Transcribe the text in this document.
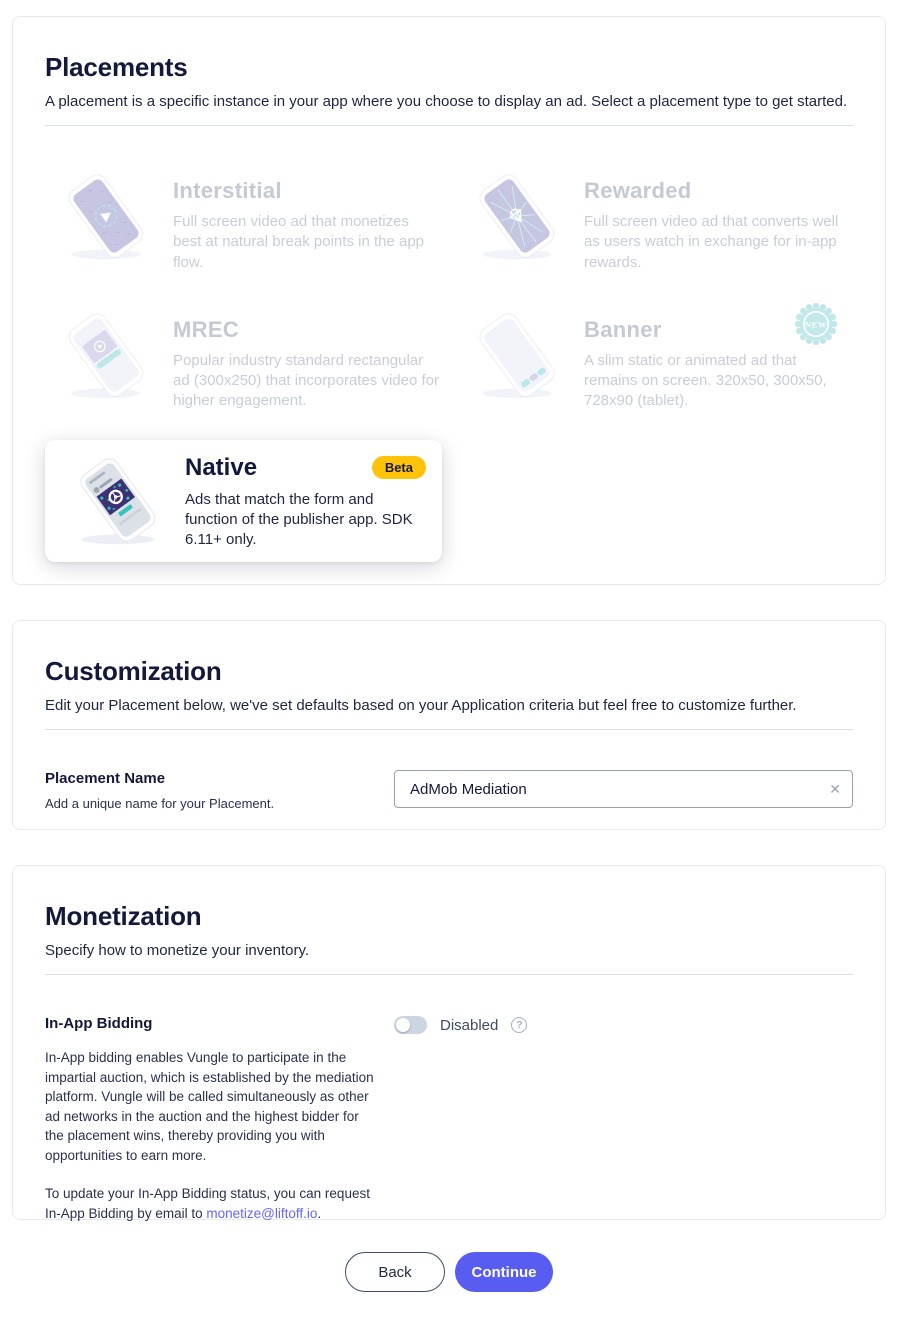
Placements

A placement is a specific instance in your app where you choose to display an ad. Select a placement type to get started.

Interstitial
Full screen video ad that monetizes best at natural break points in the app flow.
Rewarded
Full screen video ad that converts well as users watch in exchange for in-app rewards.
MREC
Popular industry standard rectangular ad (300x250) that incorporates video for higher engagement.
Banner
A slim static or animated ad that remains on screen. 320x50, 300x50, 728x90 (tablet).
NEW
Native	Beta
Ads that match the form and function of the publisher app. SDK 6.11+ only.
Customization

Edit your Placement below, we've set defaults based on your Application criteria but feel free to customize further.

Placement Name
Add a unique name for your Placement.
AdMob Mediation
✕
Monetization

Specify how to monetize your inventory.

In-App Bidding

In-App bidding enables Vungle to participate in the impartial auction, which is established by the mediation platform. Vungle will be called simultaneously as other ad networks in the auction and the highest bidder for the placement wins, thereby providing you with opportunities to earn more.

To update your In-App Bidding status, you can request In-App Bidding by email to monetize@liftoff.io.

Disabled	?
Back	Continue
